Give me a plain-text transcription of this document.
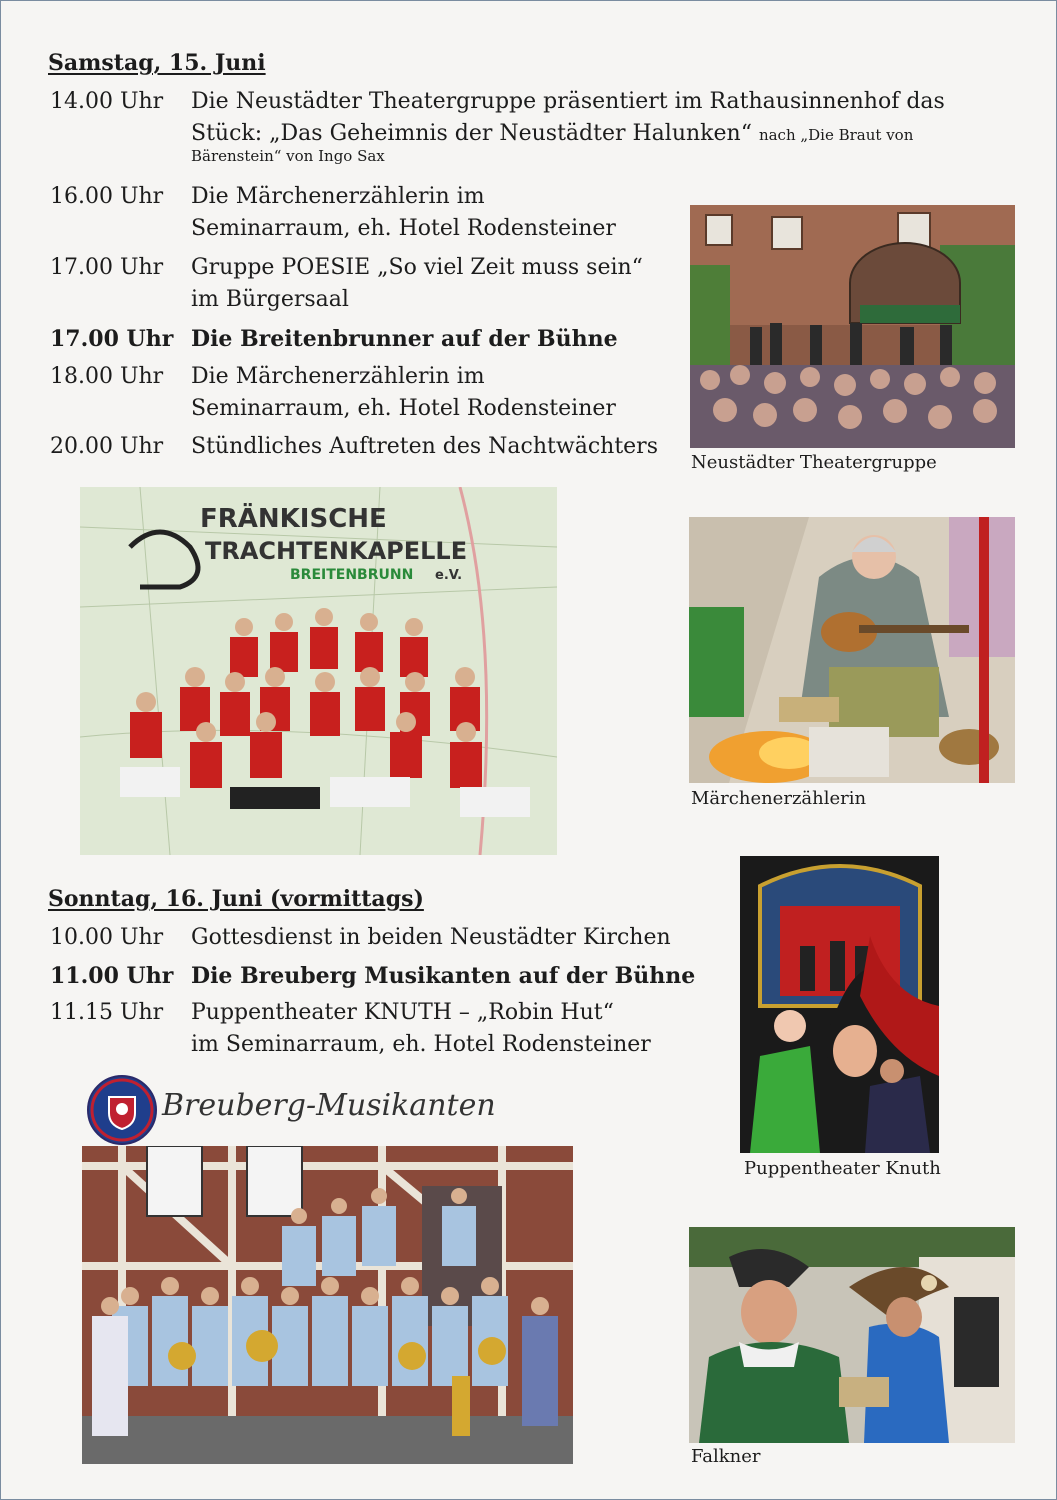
Samstag, 15. Juni
14.00 Uhr	Die Neustädter Theatergruppe präsentiert im Rathausinnenhof das
Stück: „Das Geheimnis der Neustädter Halunken“ nach „Die Braut von
Bärenstein“ von Ingo Sax
16.00 Uhr	Die Märchenerzählerin im
Seminarraum, eh. Hotel Rodensteiner
17.00 Uhr	Gruppe POESIE „So viel Zeit muss sein“
im Bürgersaal
17.00 Uhr Die Breitenbrunner auf der Bühne
18.00 Uhr	Die Märchenerzählerin im
Seminarraum, eh. Hotel Rodensteiner
20.00 Uhr	Stündliches Auftreten des Nachtwächters
Neustädter Theatergruppe
FRÄNKISCHE
TRACHTENKAPELLE
BREITENBRUNN e.V.
Märchenerzählerin
Sonntag, 16. Juni (vormittags)
10.00 Uhr	Gottesdienst in beiden Neustädter Kirchen
11.00 Uhr Die Breuberg Musikanten auf der Bühne
11.15 Uhr	Puppentheater KNUTH – „Robin Hut“
im Seminarraum, eh. Hotel Rodensteiner
Breuberg-Musikanten
Puppentheater Knuth
Falkner
